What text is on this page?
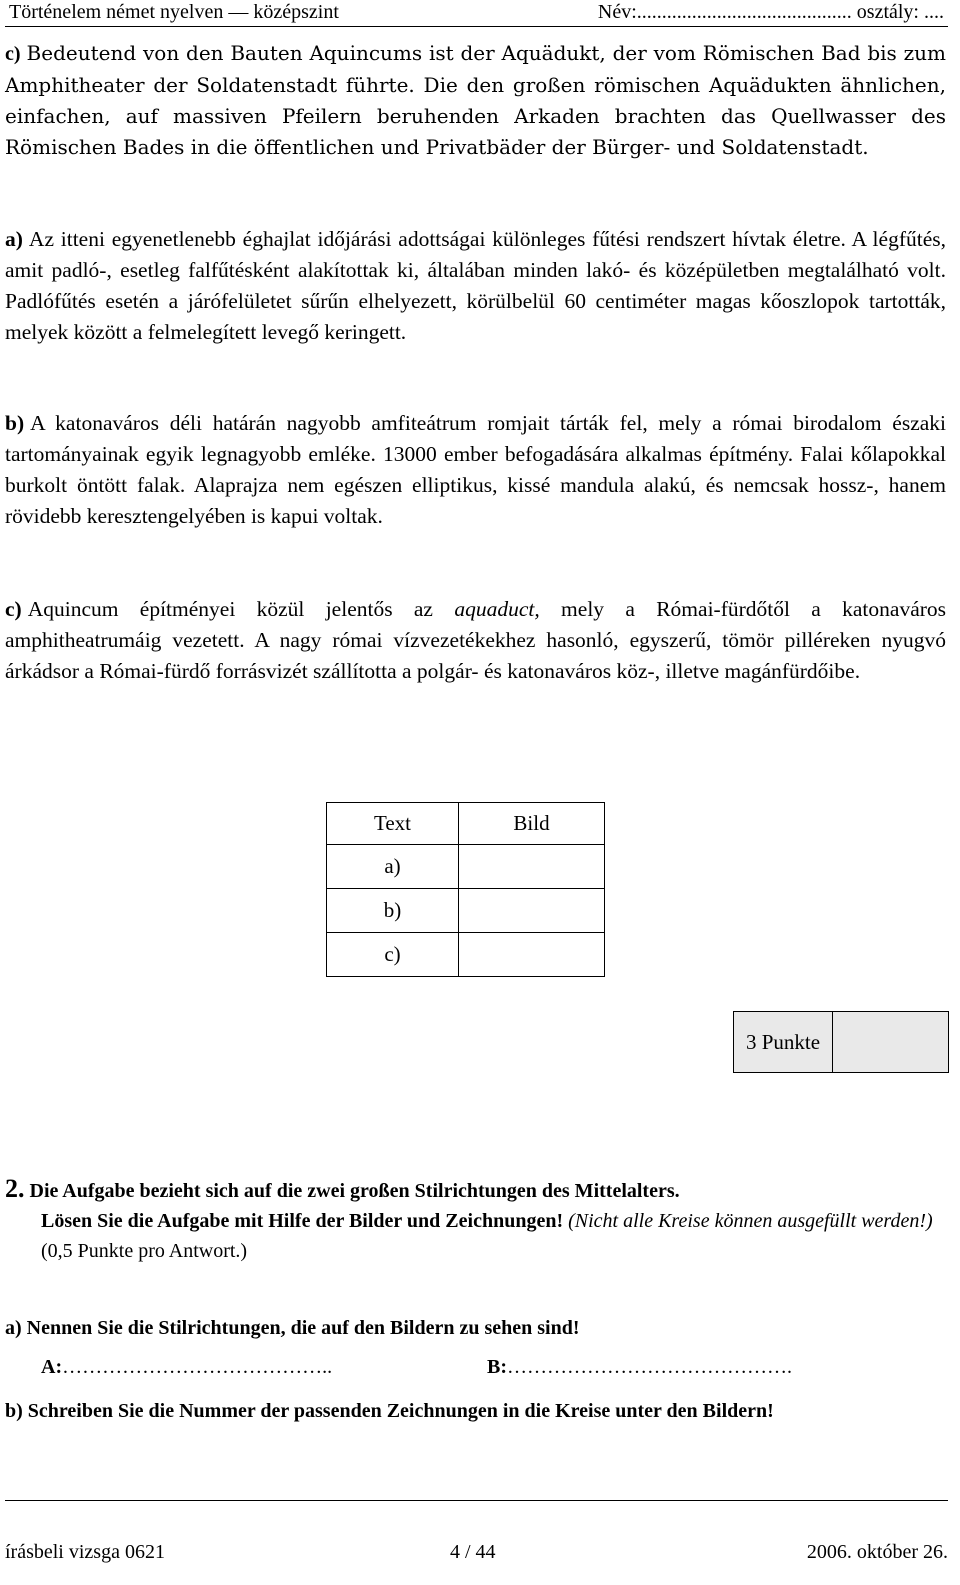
Történelem német nyelven — középszint	Név:........................................... osztály: ....

c) Bedeutend von den Bauten Aquincums ist der Aquädukt, der vom Römischen Bad bis zum Amphitheater der Soldatenstadt führte. Die den großen römischen Aquädukten ähnlichen, einfachen, auf massiven Pfeilern beruhenden Arkaden brachten das Quellwasser des Römischen Bades in die öffentlichen und Privatbäder der Bürger- und Soldatenstadt.

a) Az itteni egyenetlenebb éghajlat időjárási adottságai különleges fűtési rendszert hívtak életre. A légfűtés, amit padló-, esetleg falfűtésként alakítottak ki, általában minden lakó- és középületben megtalálható volt. Padlófűtés esetén a járófelületet sűrűn elhelyezett, körülbelül 60 centiméter magas kőoszlopok tartották, melyek között a felmelegített levegő keringett.

b) A katonaváros déli határán nagyobb amfiteátrum romjait tárták fel, mely a római birodalom északi tartományainak egyik legnagyobb emléke. 13000 ember befogadására alkalmas építmény. Falai kőlapokkal burkolt öntött falak. Alaprajza nem egészen elliptikus, kissé mandula alakú, és nemcsak hossz-, hanem rövidebb keresztengelyében is kapui voltak.

c) Aquincum építményei közül jelentős az aquaduct, mely a Római-fürdőtől a katonaváros amphitheatrumáig vezetett. A nagy római vízvezetékekhez hasonló, egyszerű, tömör pilléreken nyugvó árkádsor a Római-fürdő forrásvizét szállította a polgár- és katonaváros köz-, illetve magánfürdőibe.

Text	Bild
a)	
b)	
c)	
3 Punkte
2. Die Aufgabe bezieht sich auf die zwei großen Stilrichtungen des Mittelalters.
Lösen Sie die Aufgabe mit Hilfe der Bilder und Zeichnungen! (Nicht alle Kreise können ausgefüllt werden!) (0,5 Punkte pro Antwort.)
a) Nennen Sie die Stilrichtungen, die auf den Bildern zu sehen sind!
A:…………………………………..	B:…………………………………….
b) Schreiben Sie die Nummer der passenden Zeichnungen in die Kreise unter den Bildern!
írásbeli vizsga 0621	4 / 44	2006. október 26.
